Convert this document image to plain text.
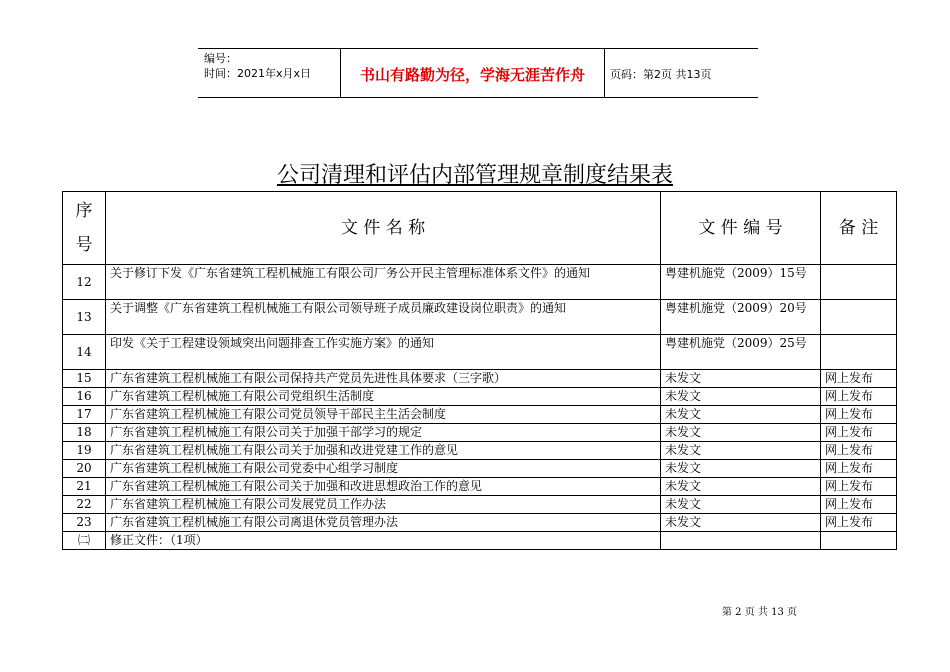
编号：
时间：2021年x月x日	书山有路勤为径，学海无涯苦作舟	页码：第2页 共13页
公司清理和评估内部管理规章制度结果表
序
号	文 件 名 称	文 件 编 号	备 注
12	关于修订下发《广东省建筑工程机械施工有限公司厂务公开民主管理标准体系文件》的通知	粤建机施党（2009）15号	
13	关于调整《广东省建筑工程机械施工有限公司领导班子成员廉政建设岗位职责》的通知	粤建机施党（2009）20号	
14	印发《关于工程建设领域突出问题排查工作实施方案》的通知	粤建机施党（2009）25号	
15	广东省建筑工程机械施工有限公司保持共产党员先进性具体要求（三字歌）	未发文	网上发布
16	广东省建筑工程机械施工有限公司党组织生活制度	未发文	网上发布
17	广东省建筑工程机械施工有限公司党员领导干部民主生活会制度	未发文	网上发布
18	广东省建筑工程机械施工有限公司关于加强干部学习的规定	未发文	网上发布
19	广东省建筑工程机械施工有限公司关于加强和改进党建工作的意见	未发文	网上发布
20	广东省建筑工程机械施工有限公司党委中心组学习制度	未发文	网上发布
21	广东省建筑工程机械施工有限公司关于加强和改进思想政治工作的意见	未发文	网上发布
22	广东省建筑工程机械施工有限公司发展党员工作办法	未发文	网上发布
23	广东省建筑工程机械施工有限公司离退休党员管理办法	未发文	网上发布
㈡	修正文件：（1项）		
第 2 页 共 13 页
